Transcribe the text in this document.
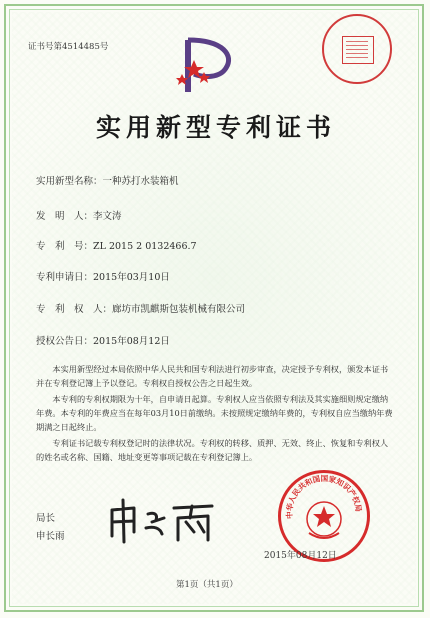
证书号第4514485号
实用新型专利证书
实用新型名称：一种苏打水装箱机
发　明　人：李文涛
专　利　号：ZL 2015 2 0132466.7
专利申请日：2015年03月10日
专　利　权　人：廊坊市凯麒斯包装机械有限公司
授权公告日：2015年08月12日
本实用新型经过本局依照中华人民共和国专利法进行初步审查，决定授予专利权，颁发本证书并在专利登记簿上予以登记。专利权自授权公告之日起生效。
本专利的专利权期限为十年，自申请日起算。专利权人应当依照专利法及其实施细则规定缴纳年费。本专利的年费应当在每年03月10日前缴纳。未按照规定缴纳年费的，专利权自应当缴纳年费期满之日起终止。
专利证书记载专利权登记时的法律状况。专利权的转移、质押、无效、终止、恢复和专利权人的姓名或名称、国籍、地址变更等事项记载在专利登记簿上。
局长
申长雨
中华人民共和国国家知识产权局
2015年08月12日
第1页（共1页）
